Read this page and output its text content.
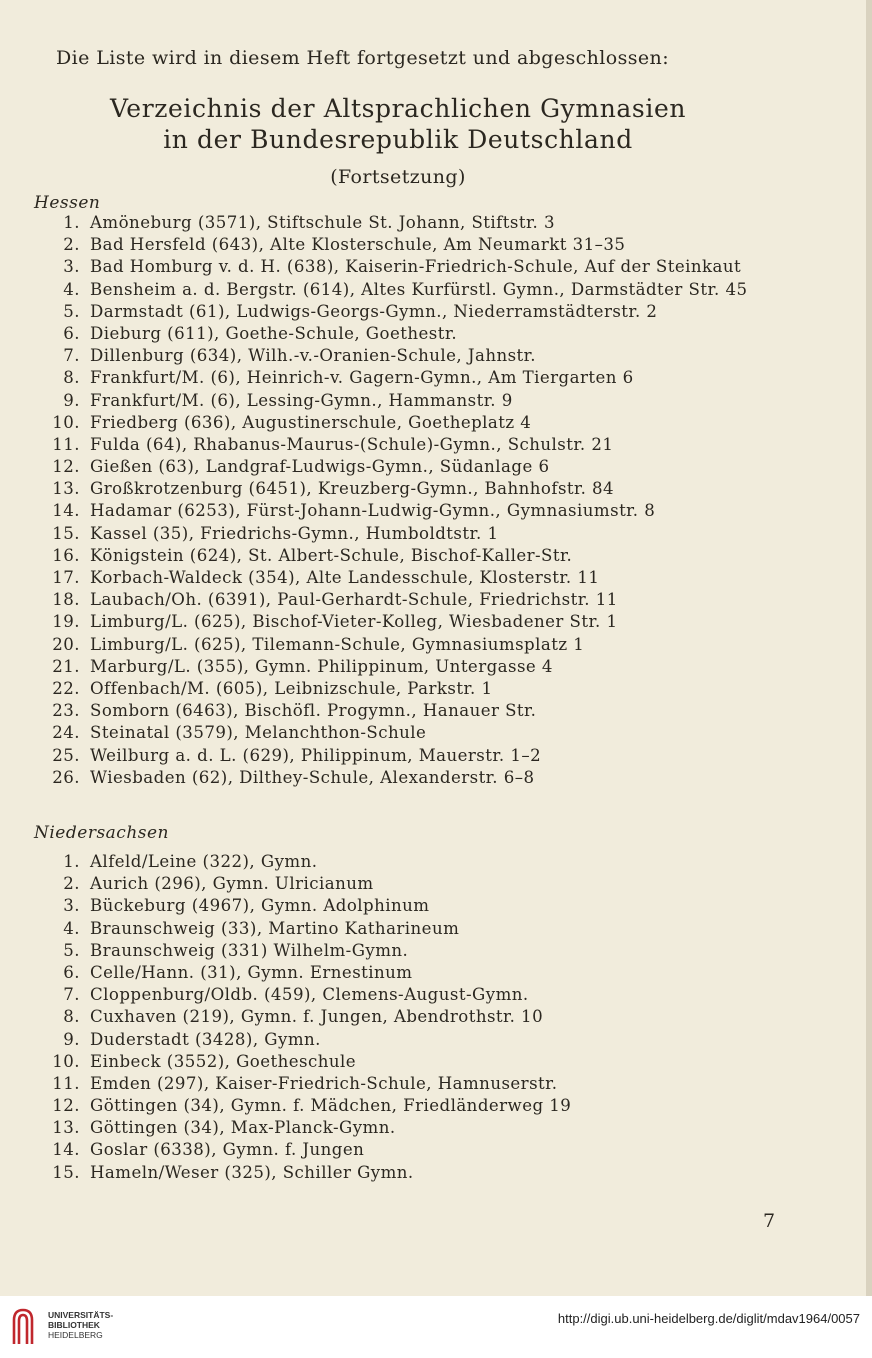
Die Liste wird in diesem Heft fortgesetzt und abgeschlossen:
Verzeichnis der Altsprachlichen Gymnasien
in der Bundesrepublik Deutschland
(Fortsetzung)
Hessen
1. Amöneburg (3571), Stiftschule St. Johann, Stiftstr. 3
2. Bad Hersfeld (643), Alte Klosterschule, Am Neumarkt 31–35
3. Bad Homburg v. d. H. (638), Kaiserin-Friedrich-Schule, Auf der Steinkaut
4. Bensheim a. d. Bergstr. (614), Altes Kurfürstl. Gymn., Darmstädter Str. 45
5. Darmstadt (61), Ludwigs-Georgs-Gymn., Niederramstädterstr. 2
6. Dieburg (611), Goethe-Schule, Goethestr.
7. Dillenburg (634), Wilh.-v.-Oranien-Schule, Jahnstr.
8. Frankfurt/M. (6), Heinrich-v. Gagern-Gymn., Am Tiergarten 6
9. Frankfurt/M. (6), Lessing-Gymn., Hammanstr. 9
10. Friedberg (636), Augustinerschule, Goetheplatz 4
11. Fulda (64), Rhabanus-Maurus-(Schule)-Gymn., Schulstr. 21
12. Gießen (63), Landgraf-Ludwigs-Gymn., Südanlage 6
13. Großkrotzenburg (6451), Kreuzberg-Gymn., Bahnhofstr. 84
14. Hadamar (6253), Fürst-Johann-Ludwig-Gymn., Gymnasiumstr. 8
15. Kassel (35), Friedrichs-Gymn., Humboldtstr. 1
16. Königstein (624), St. Albert-Schule, Bischof-Kaller-Str.
17. Korbach-Waldeck (354), Alte Landesschule, Klosterstr. 11
18. Laubach/Oh. (6391), Paul-Gerhardt-Schule, Friedrichstr. 11
19. Limburg/L. (625), Bischof-Vieter-Kolleg, Wiesbadener Str. 1
20. Limburg/L. (625), Tilemann-Schule, Gymnasiumsplatz 1
21. Marburg/L. (355), Gymn. Philippinum, Untergasse 4
22. Offenbach/M. (605), Leibnizschule, Parkstr. 1
23. Somborn (6463), Bischöfl. Progymn., Hanauer Str.
24. Steinatal (3579), Melanchthon-Schule
25. Weilburg a. d. L. (629), Philippinum, Mauerstr. 1–2
26. Wiesbaden (62), Dilthey-Schule, Alexanderstr. 6–8
Niedersachsen
1. Alfeld/Leine (322), Gymn.
2. Aurich (296), Gymn. Ulricianum
3. Bückeburg (4967), Gymn. Adolphinum
4. Braunschweig (33), Martino Katharineum
5. Braunschweig (331) Wilhelm-Gymn.
6. Celle/Hann. (31), Gymn. Ernestinum
7. Cloppenburg/Oldb. (459), Clemens-August-Gymn.
8. Cuxhaven (219), Gymn. f. Jungen, Abendrothstr. 10
9. Duderstadt (3428), Gymn.
10. Einbeck (3552), Goetheschule
11. Emden (297), Kaiser-Friedrich-Schule, Hamnuserstr.
12. Göttingen (34), Gymn. f. Mädchen, Friedländerweg 19
13. Göttingen (34), Max-Planck-Gymn.
14. Goslar (6338), Gymn. f. Jungen
15. Hameln/Weser (325), Schiller Gymn.
7
UNIVERSITÄTS-
BIBLIOTHEK
HEIDELBERG
http://digi.ub.uni-heidelberg.de/diglit/mdav1964/0057
